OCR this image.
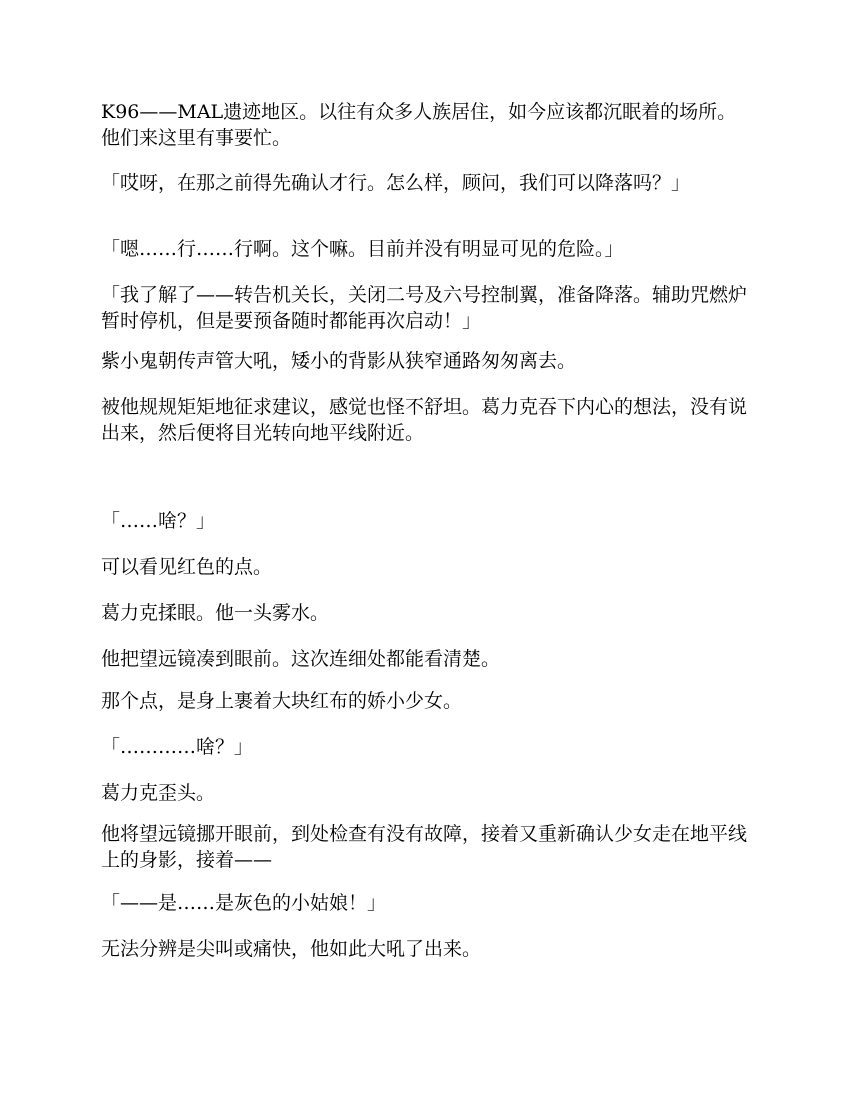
K96——MAL遗迹地区。以往有众多人族居住，如今应该都沉眠着的场所。他们来这里有事要忙。

「哎呀，在那之前得先确认才行。怎么样，顾问，我们可以降落吗？」

「嗯……行……行啊。这个嘛。目前并没有明显可见的危险。」

「我了解了——转告机关长，关闭二号及六号控制翼，准备降落。辅助咒燃炉暂时停机，但是要预备随时都能再次启动！」

紫小鬼朝传声管大吼，矮小的背影从狭窄通路匆匆离去。

被他规规矩矩地征求建议，感觉也怪不舒坦。葛力克吞下内心的想法，没有说出来，然后便将目光转向地平线附近。

「……啥？」

可以看见红色的点。

葛力克揉眼。他一头雾水。

他把望远镜凑到眼前。这次连细处都能看清楚。

那个点，是身上裹着大块红布的娇小少女。

「…………啥？」

葛力克歪头。

他将望远镜挪开眼前，到处检查有没有故障，接着又重新确认少女走在地平线上的身影，接着——

「——是……是灰色的小姑娘！」

无法分辨是尖叫或痛快，他如此大吼了出来。
